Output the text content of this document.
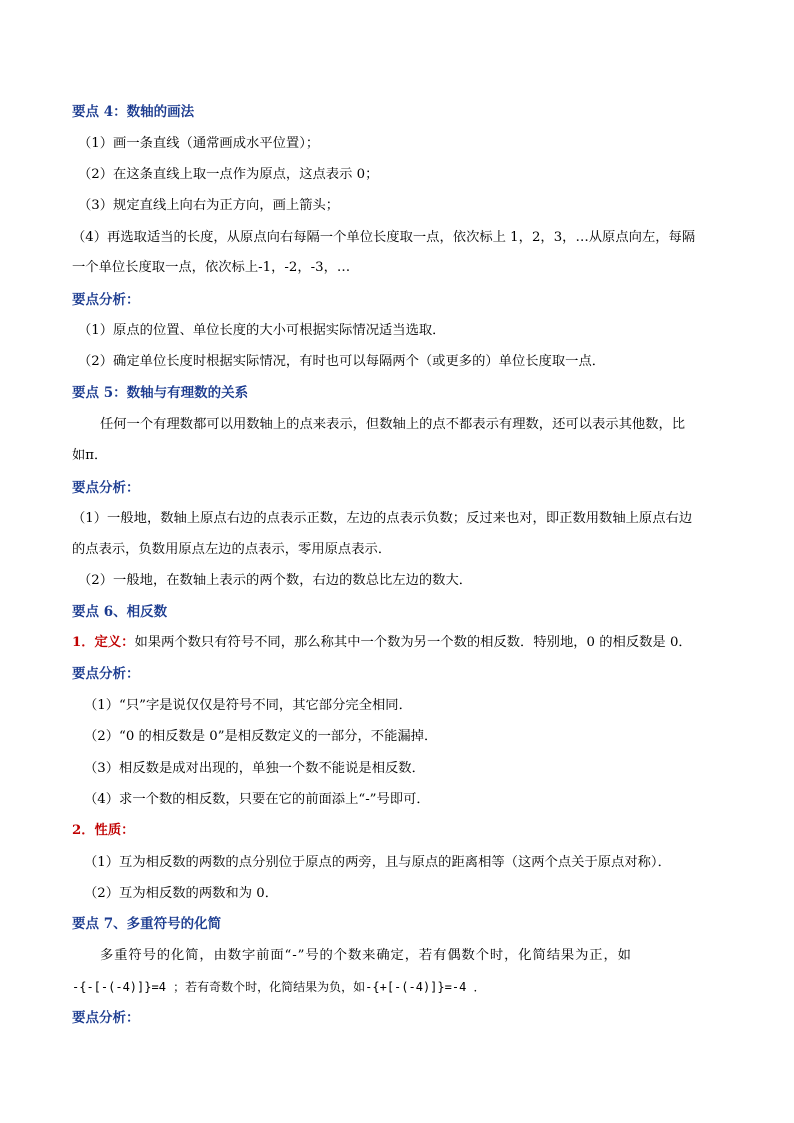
要点 4：数轴的画法
（1）画一条直线（通常画成水平位置）；
（2）在这条直线上取一点作为原点，这点表示 0；
（3）规定直线上向右为正方向，画上箭头；
（4）再选取适当的长度，从原点向右每隔一个单位长度取一点，依次标上 1，2，3，…从原点向左，每隔
一个单位长度取一点，依次标上-1，-2，-3，…
要点分析：
（1）原点的位置、单位长度的大小可根据实际情况适当选取．
（2）确定单位长度时根据实际情况，有时也可以每隔两个（或更多的）单位长度取一点．
要点 5：数轴与有理数的关系
任何一个有理数都可以用数轴上的点来表示，但数轴上的点不都表示有理数，还可以表示其他数，比
如π．
要点分析：
（1）一般地，数轴上原点右边的点表示正数，左边的点表示负数；反过来也对，即正数用数轴上原点右边
的点表示，负数用原点左边的点表示，零用原点表示．
（2）一般地，在数轴上表示的两个数，右边的数总比左边的数大．
要点 6、相反数
1．定义：如果两个数只有符号不同，那么称其中一个数为另一个数的相反数．特别地，0 的相反数是 0．
要点分析：
（1）“只”字是说仅仅是符号不同，其它部分完全相同．
（2）“0 的相反数是 0”是相反数定义的一部分，不能漏掉．
（3）相反数是成对出现的，单独一个数不能说是相反数．
（4）求一个数的相反数，只要在它的前面添上“-”号即可．
2．性质：
（1）互为相反数的两数的点分别位于原点的两旁，且与原点的距离相等（这两个点关于原点对称）．
（2）互为相反数的两数和为 0．
要点 7、多重符号的化简
多重符号的化简，由数字前面“-”号的个数来确定，若有偶数个时，化简结果为正，如
-{-[-(-4)]}=4 ；若有奇数个时，化简结果为负，如-{+[-(-4)]}=-4 ．
要点分析：
